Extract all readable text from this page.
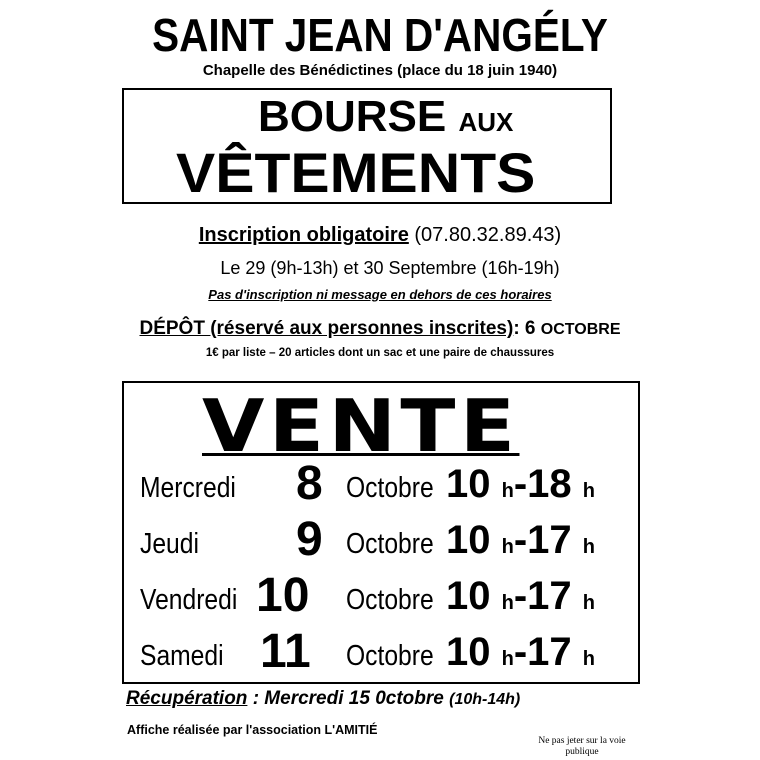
SAINT JEAN D'ANGÉLY
Chapelle des Bénédictines (place du 18 juin 1940)
BOURSE AUX
VÊTEMENTS
Inscription obligatoire (07.80.32.89.43)
Le 29 (9h-13h) et 30 Septembre (16h-19h)
Pas d'inscription ni message en dehors de ces horaires
DÉPÔT (réservé aux personnes inscrites): 6 OCTOBRE
1€ par liste – 20 articles dont un sac et une paire de chaussures
VENTE
Mercredi 8 Octobre 10 h-18 h
Jeudi 9 Octobre 10 h-17 h
Vendredi 10 Octobre 10 h-17 h
Samedi 11 Octobre 10 h-17 h
Récupération : Mercredi 15 0ctobre (10h-14h)
Affiche réalisée par l'association L'AMITIÉ
Ne pas jeter sur la voie
publique
